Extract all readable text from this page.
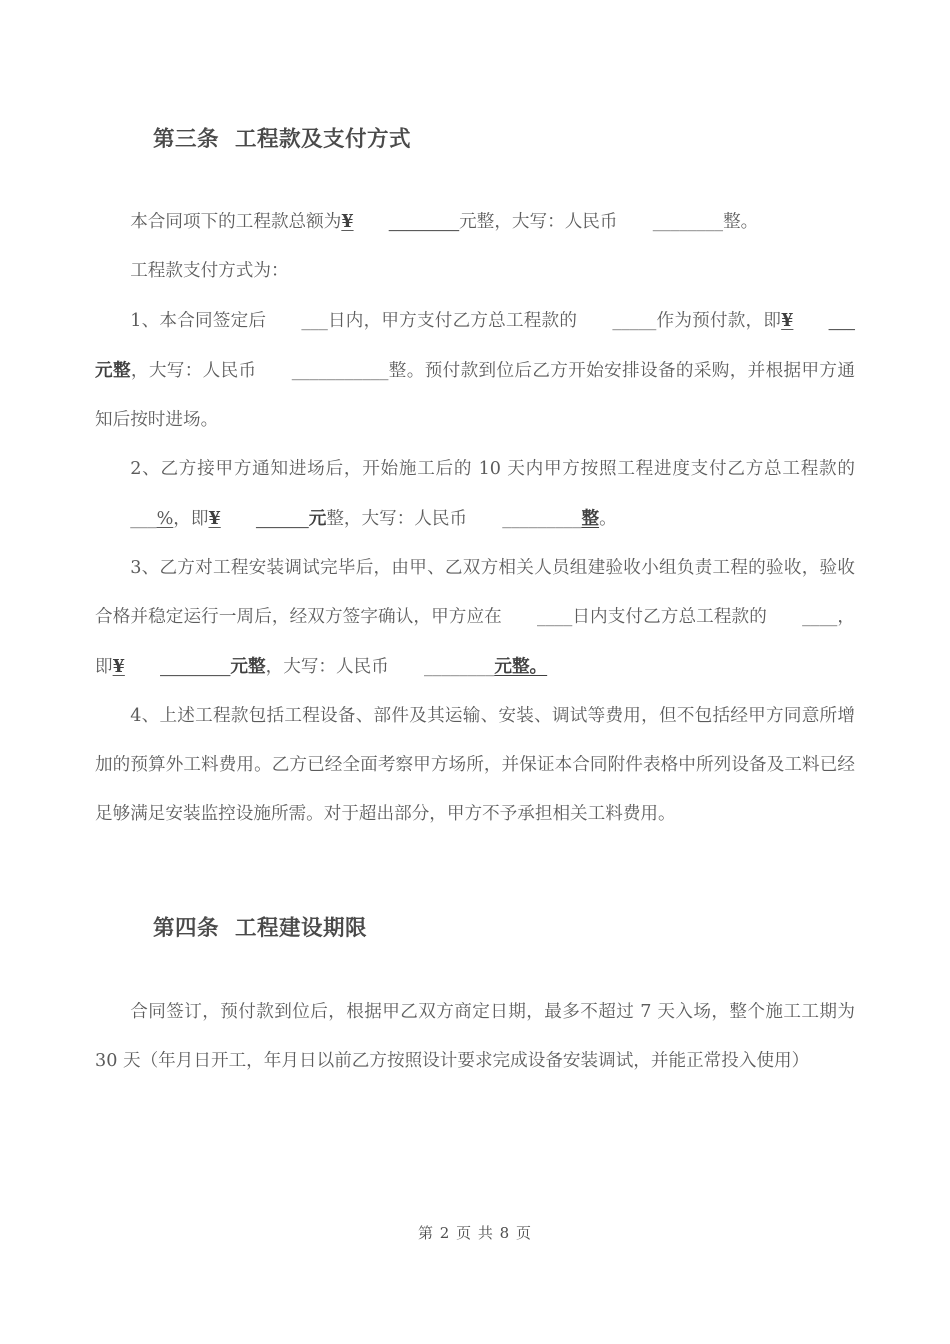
第三条  工程款及支付方式

本合同项下的工程款总额为¥ ________元整，大写：人民币 ________整。

工程款支付方式为：

1、本合同签定后 ___日内，甲方支付乙方总工程款的 _____作为预付款，即¥ ___元整，大写：人民币 ___________整。预付款到位后乙方开始安排设备的采购，并根据甲方通知后按时进场。

2、乙方接甲方通知进场后，开始施工后的 10 天内甲方按照工程进度支付乙方总工程款的___%，即¥ ______元整，大写：人民币 _________整。

3、乙方对工程安装调试完毕后，由甲、乙双方相关人员组建验收小组负责工程的验收，验收合格并稳定运行一周后，经双方签字确认，甲方应在 ____日内支付乙方总工程款的 ____，即¥ ________元整，大写：人民币 ________元整。

4、上述工程款包括工程设备、部件及其运输、安装、调试等费用，但不包括经甲方同意所增加的预算外工料费用。乙方已经全面考察甲方场所，并保证本合同附件表格中所列设备及工料已经足够满足安装监控设施所需。对于超出部分，甲方不予承担相关工料费用。

第四条  工程建设期限

合同签订，预付款到位后，根据甲乙双方商定日期，最多不超过 7 天入场，整个施工工期为 30 天（年月日开工，年月日以前乙方按照设计要求完成设备安装调试，并能正常投入使用）

第 2 页 共 8 页
